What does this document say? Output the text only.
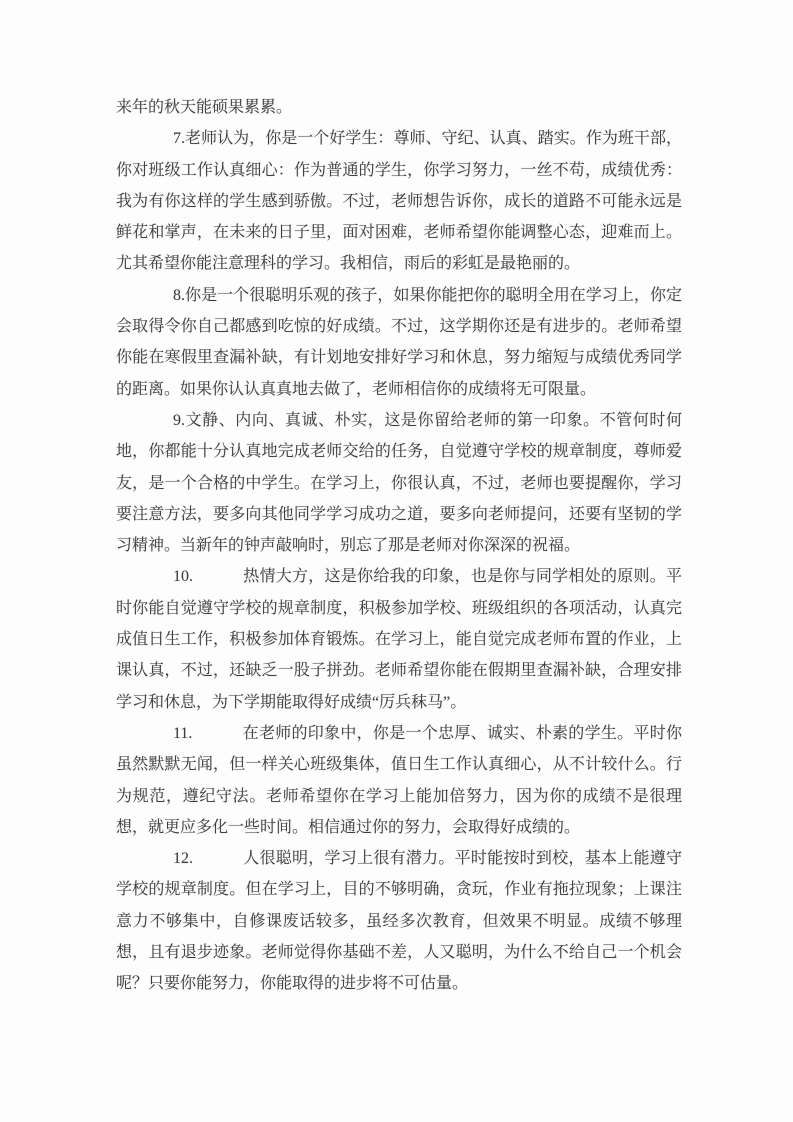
来年的秋天能硕果累累。

7.老师认为，你是一个好学生：尊师、守纪、认真、踏实。作为班干部，你对班级工作认真细心：作为普通的学生，你学习努力，一丝不苟，成绩优秀：我为有你这样的学生感到骄傲。不过，老师想告诉你，成长的道路不可能永远是鲜花和掌声，在未来的日子里，面对困难，老师希望你能调整心态，迎难而上。尤其希望你能注意理科的学习。我相信，雨后的彩虹是最艳丽的。

8.你是一个很聪明乐观的孩子，如果你能把你的聪明全用在学习上，你定会取得令你自己都感到吃惊的好成绩。不过，这学期你还是有进步的。老师希望你能在寒假里查漏补缺，有计划地安排好学习和休息，努力缩短与成绩优秀同学的距离。如果你认认真真地去做了，老师相信你的成绩将无可限量。

9.文静、内向、真诚、朴实，这是你留给老师的第一印象。不管何时何地，你都能十分认真地完成老师交给的任务，自觉遵守学校的规章制度，尊师爱友，是一个合格的中学生。在学习上，你很认真，不过，老师也要提醒你，学习要注意方法，要多向其他同学学习成功之道，要多向老师提问，还要有坚韧的学习精神。当新年的钟声敲响时，别忘了那是老师对你深深的祝福。

10.	热情大方，这是你给我的印象，也是你与同学相处的原则。平时你能自觉遵守学校的规章制度，积极参加学校、班级组织的各项活动，认真完成值日生工作，积极参加体育锻炼。在学习上，能自觉完成老师布置的作业，上课认真，不过，还缺乏一股子拼劲。老师希望你能在假期里查漏补缺，合理安排学习和休息，为下学期能取得好成绩“厉兵秣马”。

11.	在老师的印象中，你是一个忠厚、诚实、朴素的学生。平时你虽然默默无闻，但一样关心班级集体，值日生工作认真细心，从不计较什么。行为规范，遵纪守法。老师希望你在学习上能加倍努力，因为你的成绩不是很理想，就更应多化一些时间。相信通过你的努力，会取得好成绩的。

12.	人很聪明，学习上很有潜力。平时能按时到校，基本上能遵守学校的规章制度。但在学习上，目的不够明确，贪玩，作业有拖拉现象；上课注意力不够集中，自修课废话较多，虽经多次教育，但效果不明显。成绩不够理想，且有退步迹象。老师觉得你基础不差，人又聪明，为什么不给自己一个机会呢？只要你能努力，你能取得的进步将不可估量。
